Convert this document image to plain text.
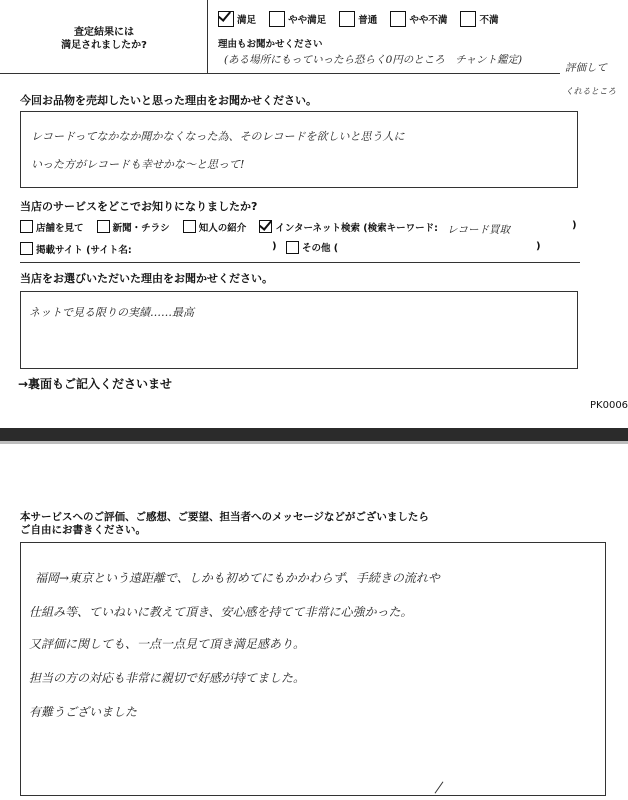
査定結果には
満足されましたか?
満足
	やや満足
	普通
	やや不満
	不満
理由もお聞かせください
(ある場所にもっていったら恐らく0円のところ　チャント鑑定)
評価して
くれるところ
今回お品物を売却したいと思った理由をお聞かせください。
レコードってなかなか聞かなくなった為、そのレコードを欲しいと思う人に
いった方がレコードも幸せかな〜と思って!
当店のサービスをどこでお知りになりましたか?
店舗を見て
	新聞・チラシ
	知人の紹介
	インターネット検索 (検索キーワード: レコード買取	)
掲載サイト (サイト名:	)	その他 (	)
当店をお選びいただいた理由をお聞かせください。
ネットで見る限りの実績……最高
→裏面もご記入くださいませ
PK0006
本サービスへのご評価、ご感想、ご要望、担当者へのメッセージなどがございましたら
ご自由にお書きください。
福岡→東京という遠距離で、しかも初めてにもかかわらず、手続きの流れや
仕組み等、ていねいに教えて頂き、安心感を持てて非常に心強かった。
又評価に関しても、一点一点見て頂き満足感あり。
担当の方の対応も非常に親切で好感が持てました。
有難うございました
